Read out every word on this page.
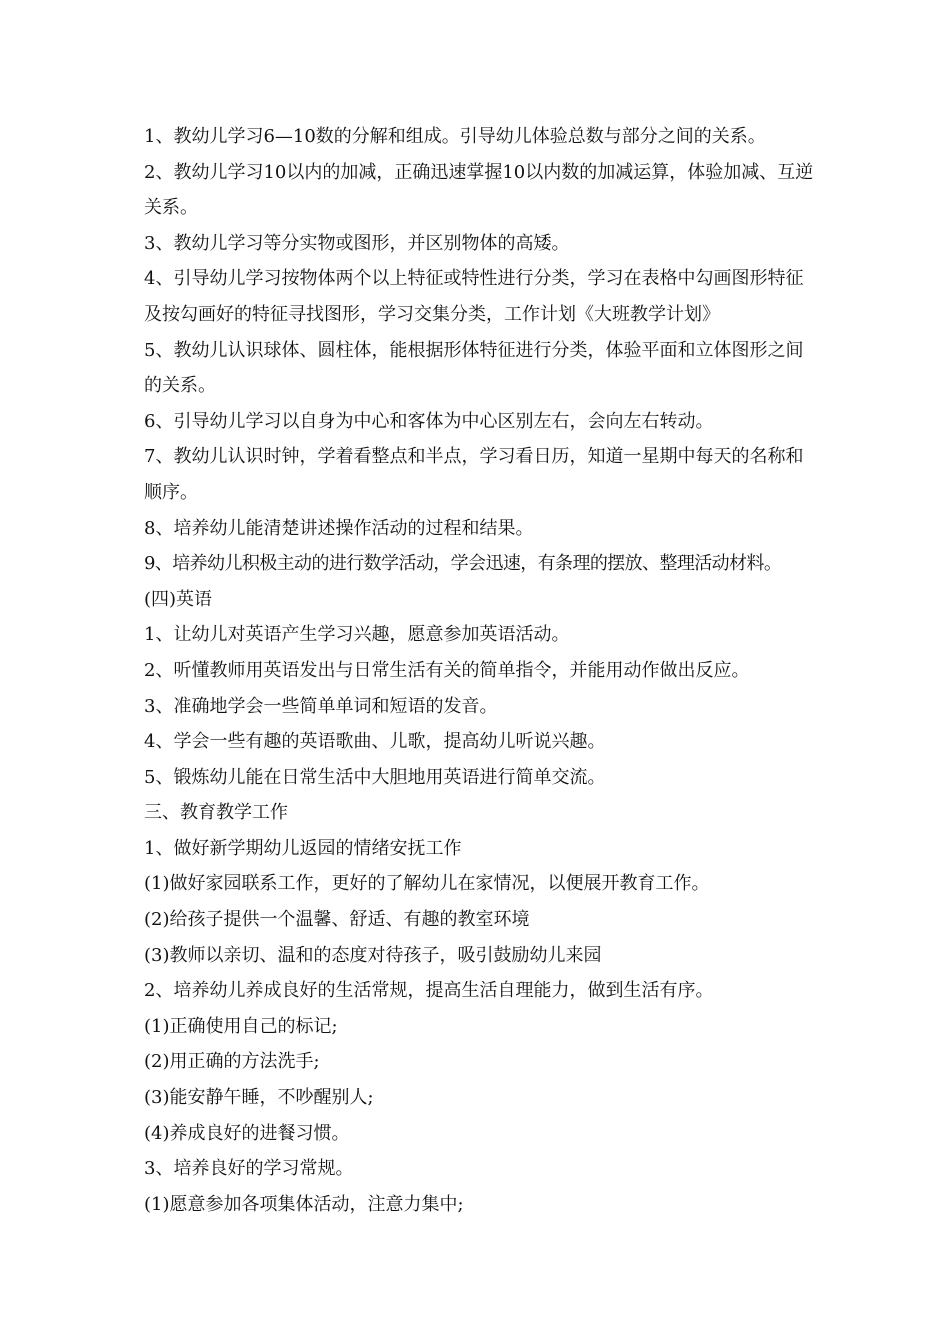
1、教幼儿学习6—10数的分解和组成。引导幼儿体验总数与部分之间的关系。

2、教幼儿学习10以内的加减，正确迅速掌握10以内数的加减运算，体验加减、互逆关系。

3、教幼儿学习等分实物或图形，并区别物体的高矮。

4、引导幼儿学习按物体两个以上特征或特性进行分类，学习在表格中勾画图形特征及按勾画好的特征寻找图形，学习交集分类，工作计划《大班教学计划》

5、教幼儿认识球体、圆柱体，能根据形体特征进行分类，体验平面和立体图形之间的关系。

6、引导幼儿学习以自身为中心和客体为中心区别左右，会向左右转动。

7、教幼儿认识时钟，学着看整点和半点，学习看日历，知道一星期中每天的名称和顺序。

8、培养幼儿能清楚讲述操作活动的过程和结果。

9、培养幼儿积极主动的进行数学活动，学会迅速，有条理的摆放、整理活动材料。

(四)英语

1、让幼儿对英语产生学习兴趣，愿意参加英语活动。

2、听懂教师用英语发出与日常生活有关的简单指令，并能用动作做出反应。

3、准确地学会一些简单单词和短语的发音。

4、学会一些有趣的英语歌曲、儿歌，提高幼儿听说兴趣。

5、锻炼幼儿能在日常生活中大胆地用英语进行简单交流。

三、教育教学工作

1、做好新学期幼儿返园的情绪安抚工作

(1)做好家园联系工作，更好的了解幼儿在家情况，以便展开教育工作。

(2)给孩子提供一个温馨、舒适、有趣的教室环境

(3)教师以亲切、温和的态度对待孩子，吸引鼓励幼儿来园

2、培养幼儿养成良好的生活常规，提高生活自理能力，做到生活有序。

(1)正确使用自己的标记;

(2)用正确的方法洗手;

(3)能安静午睡，不吵醒别人;

(4)养成良好的进餐习惯。

3、培养良好的学习常规。

(1)愿意参加各项集体活动，注意力集中;
